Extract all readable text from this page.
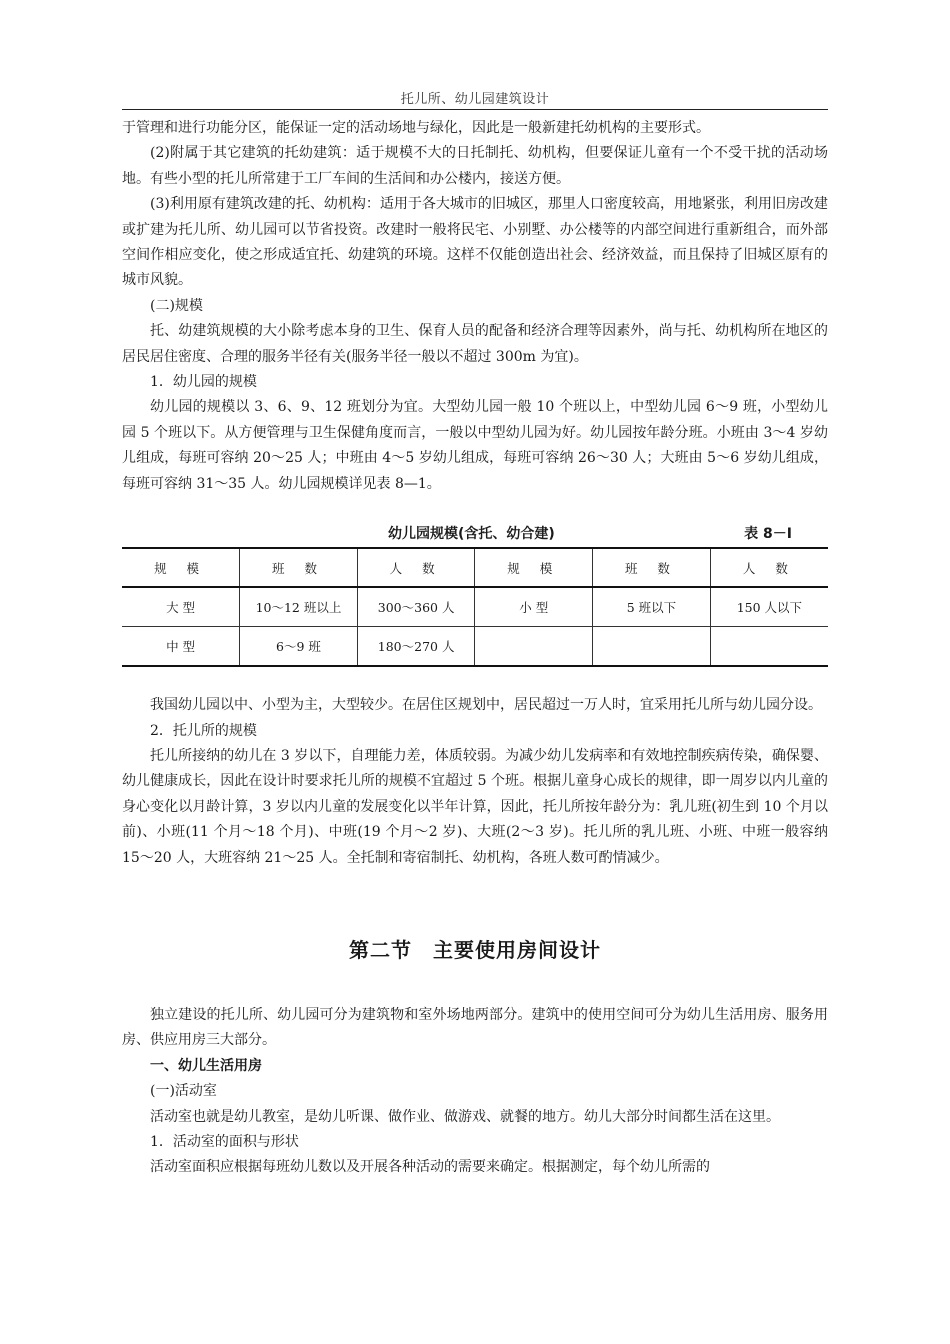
托儿所、幼儿园建筑设计

于管理和进行功能分区，能保证一定的活动场地与绿化，因此是一般新建托幼机构的主要形式。

(2)附属于其它建筑的托幼建筑：适于规模不大的日托制托、幼机构，但要保证儿童有一个不受干扰的活动场地。有些小型的托儿所常建于工厂车间的生活间和办公楼内，接送方便。

(3)利用原有建筑改建的托、幼机构：适用于各大城市的旧城区，那里人口密度较高，用地紧张，利用旧房改建或扩建为托儿所、幼儿园可以节省投资。改建时一般将民宅、小别墅、办公楼等的内部空间进行重新组合，而外部空间作相应变化，使之形成适宜托、幼建筑的环境。这样不仅能创造出社会、经济效益，而且保持了旧城区原有的城市风貌。

(二)规模

托、幼建筑规模的大小除考虑本身的卫生、保育人员的配备和经济合理等因素外，尚与托、幼机构所在地区的居民居住密度、合理的服务半径有关(服务半径一般以不超过 300m 为宜)。

1．幼儿园的规模

幼儿园的规模以 3、6、9、12 班划分为宜。大型幼儿园一般 10 个班以上，中型幼儿园 6～9 班，小型幼儿园 5 个班以下。从方便管理与卫生保健角度而言，一般以中型幼儿园为好。幼儿园按年龄分班。小班由 3～4 岁幼儿组成，每班可容纳 20～25 人；中班由 4～5 岁幼儿组成，每班可容纳 26～30 人；大班由 5～6 岁幼儿组成，每班可容纳 31～35 人。幼儿园规模详见表 8—1。

幼儿园规模(含托、幼合建)	表 8－Ⅰ
规 模	班 数	人 数	规 模	班 数	人 数
大 型	10～12 班以上	300～360 人	小 型	5 班以下	150 人以下
中 型	6～9 班	180～270 人			

我国幼儿园以中、小型为主，大型较少。在居住区规划中，居民超过一万人时，宜采用托儿所与幼儿园分设。

2．托儿所的规模

托儿所接纳的幼儿在 3 岁以下，自理能力差，体质较弱。为减少幼儿发病率和有效地控制疾病传染，确保婴、幼儿健康成长，因此在设计时要求托儿所的规模不宜超过 5 个班。根据儿童身心成长的规律，即一周岁以内儿童的身心变化以月龄计算，3 岁以内儿童的发展变化以半年计算，因此，托儿所按年龄分为：乳儿班(初生到 10 个月以前)、小班(11 个月～18 个月)、中班(19 个月～2 岁)、大班(2～3 岁)。托儿所的乳儿班、小班、中班一般容纳 15～20 人，大班容纳 21～25 人。全托制和寄宿制托、幼机构，各班人数可酌情减少。

第二节　主要使用房间设计

独立建设的托儿所、幼儿园可分为建筑物和室外场地两部分。建筑中的使用空间可分为幼儿生活用房、服务用房、供应用房三大部分。

一、幼儿生活用房

(一)活动室

活动室也就是幼儿教室，是幼儿听课、做作业、做游戏、就餐的地方。幼儿大部分时间都生活在这里。

1．活动室的面积与形状

活动室面积应根据每班幼儿数以及开展各种活动的需要来确定。根据测定，每个幼儿所需的
